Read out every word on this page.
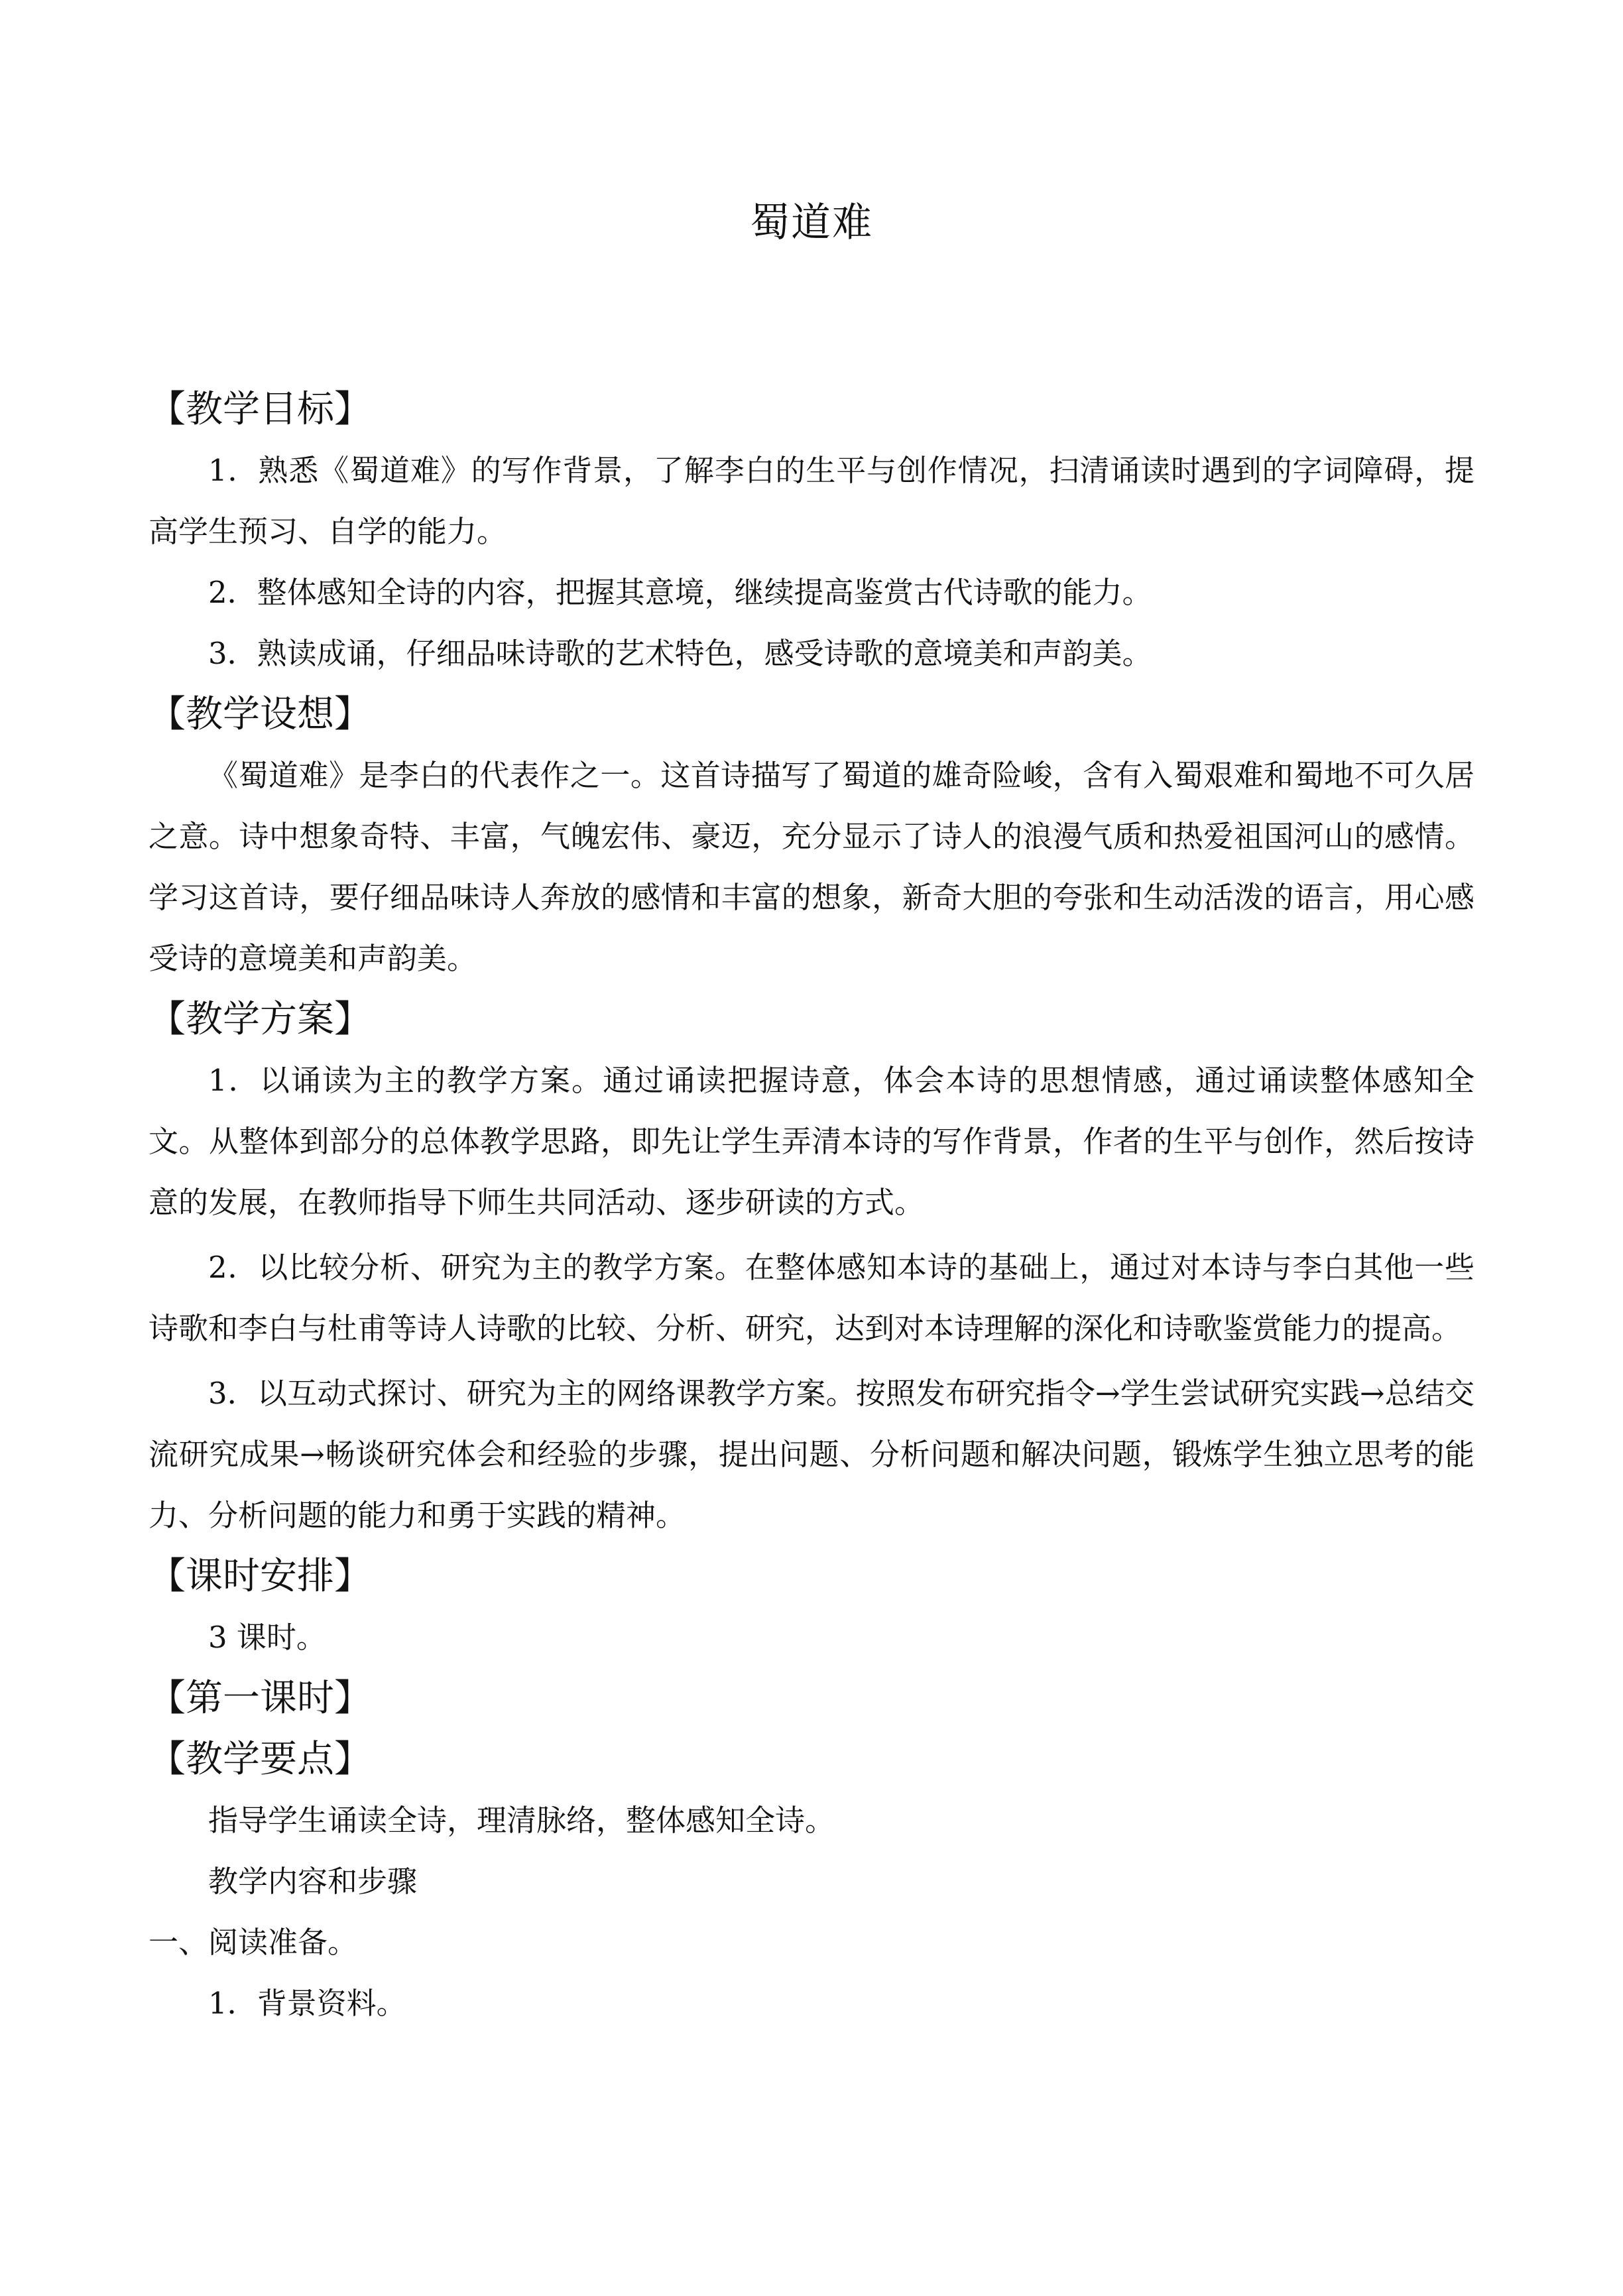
蜀道难

【教学目标】

1．熟悉《蜀道难》的写作背景，了解李白的生平与创作情况，扫清诵读时遇到的字词障碍，提高学生预习、自学的能力。

2．整体感知全诗的内容，把握其意境，继续提高鉴赏古代诗歌的能力。

3．熟读成诵，仔细品味诗歌的艺术特色，感受诗歌的意境美和声韵美。

【教学设想】

《蜀道难》是李白的代表作之一。这首诗描写了蜀道的雄奇险峻，含有入蜀艰难和蜀地不可久居之意。诗中想象奇特、丰富，气魄宏伟、豪迈，充分显示了诗人的浪漫气质和热爱祖国河山的感情。学习这首诗，要仔细品味诗人奔放的感情和丰富的想象，新奇大胆的夸张和生动活泼的语言，用心感受诗的意境美和声韵美。

【教学方案】

1．以诵读为主的教学方案。通过诵读把握诗意，体会本诗的思想情感，通过诵读整体感知全文。从整体到部分的总体教学思路，即先让学生弄清本诗的写作背景，作者的生平与创作，然后按诗意的发展，在教师指导下师生共同活动、逐步研读的方式。

2．以比较分析、研究为主的教学方案。在整体感知本诗的基础上，通过对本诗与李白其他一些诗歌和李白与杜甫等诗人诗歌的比较、分析、研究，达到对本诗理解的深化和诗歌鉴赏能力的提高。

3．以互动式探讨、研究为主的网络课教学方案。按照发布研究指令→学生尝试研究实践→总结交流研究成果→畅谈研究体会和经验的步骤，提出问题、分析问题和解决问题，锻炼学生独立思考的能力、分析问题的能力和勇于实践的精神。

【课时安排】

3 课时。

【第一课时】

【教学要点】

指导学生诵读全诗，理清脉络，整体感知全诗。

教学内容和步骤

一、阅读准备。

1．背景资料。
